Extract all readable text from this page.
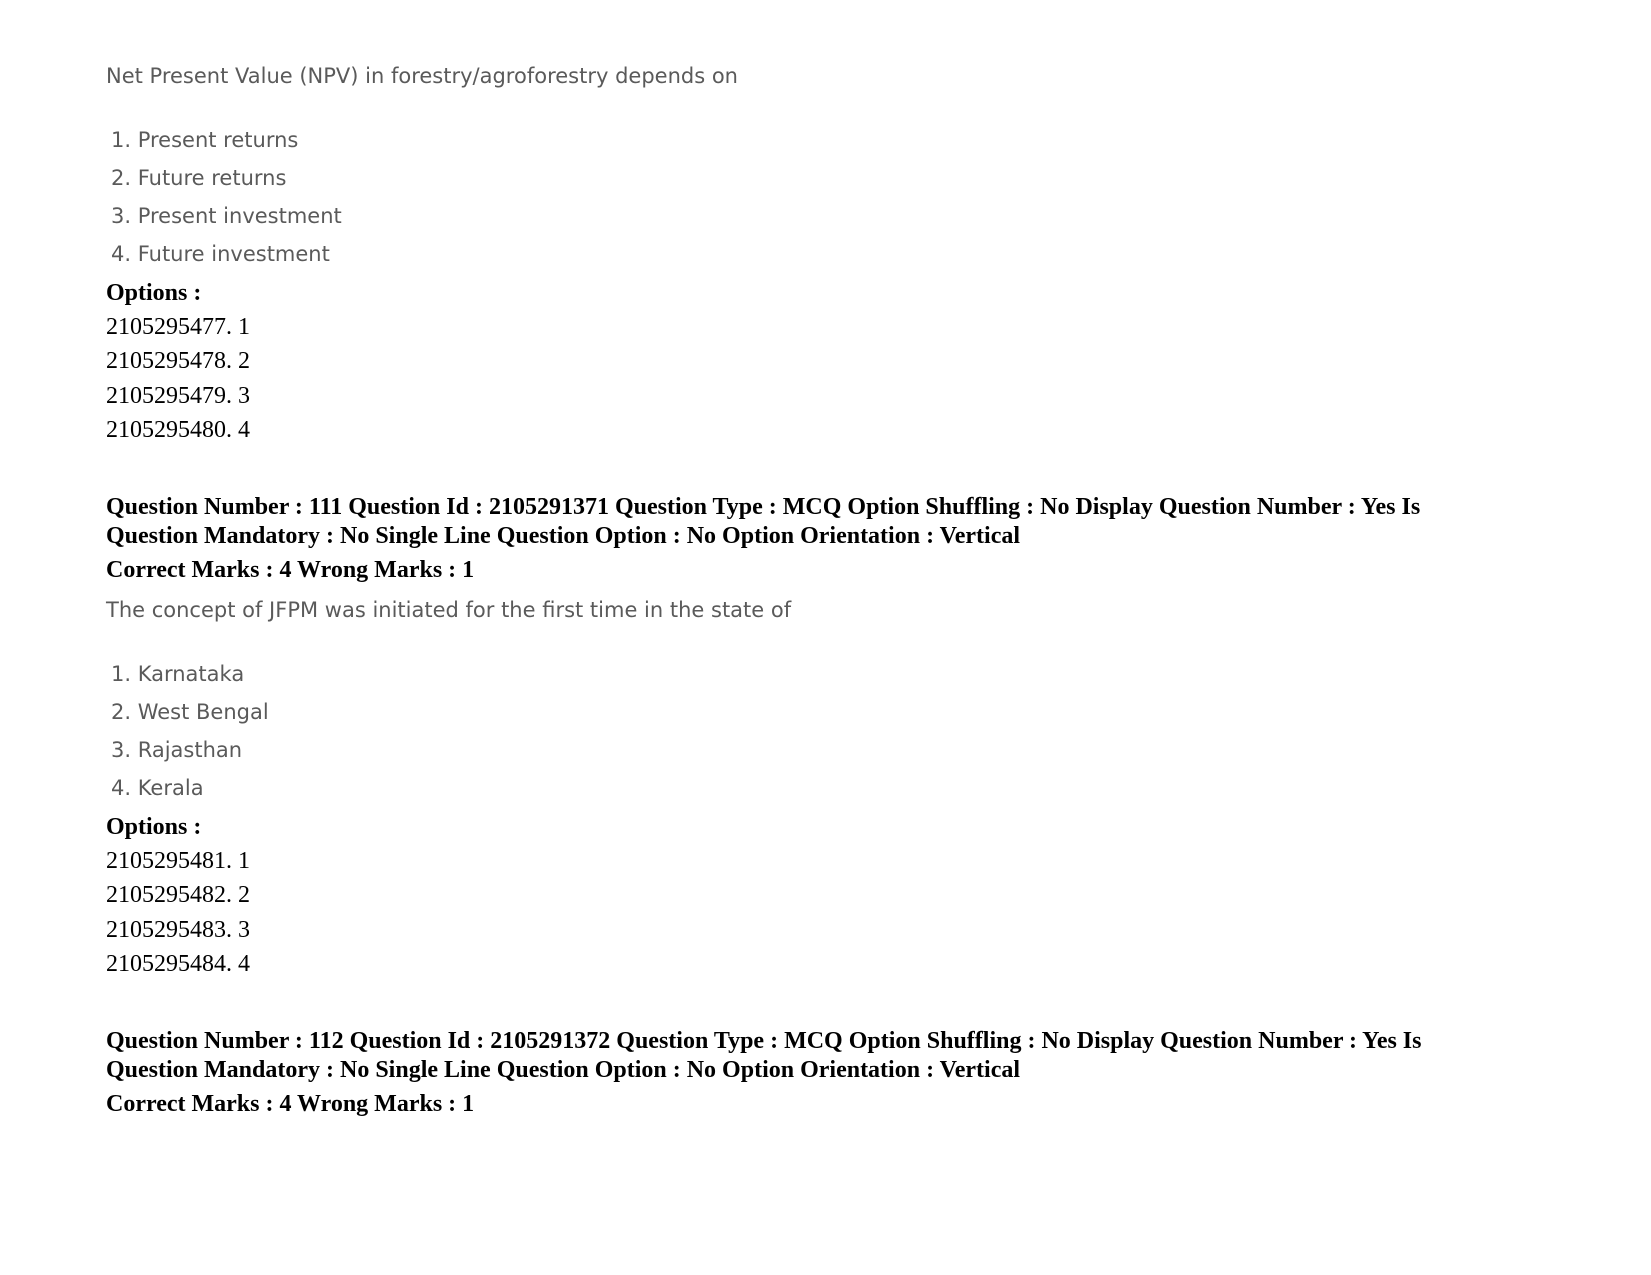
Net Present Value (NPV) in forestry/agroforestry depends on
1. Present returns
2. Future returns
3. Present investment
4. Future investment
Options :
2105295477. 1
2105295478. 2
2105295479. 3
2105295480. 4
Question Number : 111 Question Id : 2105291371 Question Type : MCQ Option Shuffling : No Display Question Number : Yes Is
Question Mandatory : No Single Line Question Option : No Option Orientation : Vertical
Correct Marks : 4 Wrong Marks : 1
The concept of JFPM was initiated for the first time in the state of
1. Karnataka
2. West Bengal
3. Rajasthan
4. Kerala
Options :
2105295481. 1
2105295482. 2
2105295483. 3
2105295484. 4
Question Number : 112 Question Id : 2105291372 Question Type : MCQ Option Shuffling : No Display Question Number : Yes Is
Question Mandatory : No Single Line Question Option : No Option Orientation : Vertical
Correct Marks : 4 Wrong Marks : 1
